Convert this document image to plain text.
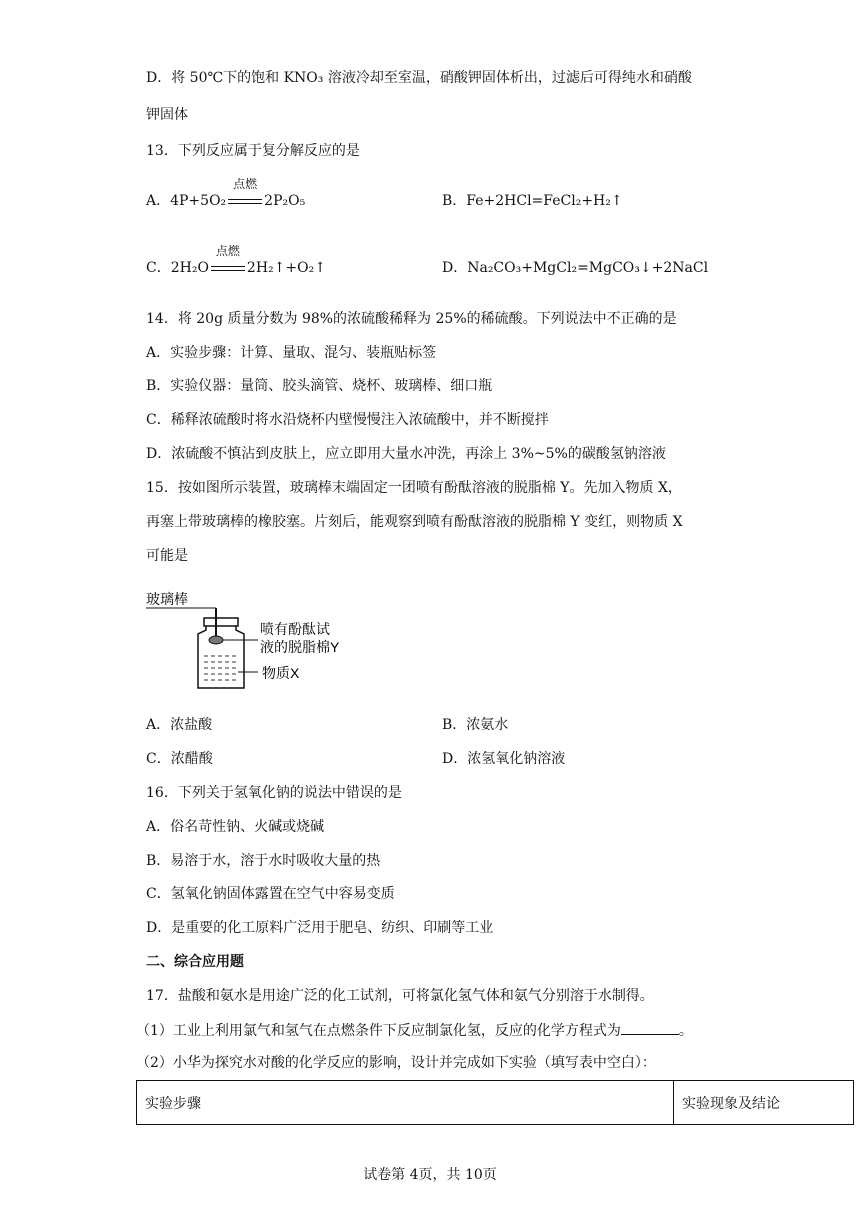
D．将 50℃下的饱和 KNO₃ 溶液冷却至室温，硝酸钾固体析出，过滤后可得纯水和硝酸
钾固体
13．下列反应属于复分解反应的是
A．4P+5O₂
点燃
2P₂O₅	B．Fe+2HCl=FeCl₂+H₂↑
C．2H₂O
点燃
2H₂↑+O₂↑	D．Na₂CO₃+MgCl₂=MgCO₃↓+2NaCl
14．将 20g 质量分数为 98%的浓硫酸稀释为 25%的稀硫酸。下列说法中不正确的是
A．实验步骤：计算、量取、混匀、装瓶贴标签
B．实验仪器：量筒、胶头滴管、烧杯、玻璃棒、细口瓶
C．稀释浓硫酸时将水沿烧杯内壁慢慢注入浓硫酸中，并不断搅拌
D．浓硫酸不慎沾到皮肤上，应立即用大量水冲洗，再涂上 3%~5%的碳酸氢钠溶液
15．按如图所示装置，玻璃棒末端固定一团喷有酚酞溶液的脱脂棉 Y。先加入物质 X，
再塞上带玻璃棒的橡胶塞。片刻后，能观察到喷有酚酞溶液的脱脂棉 Y 变红，则物质 X
可能是
玻璃棒
喷有酚酞试
液的脱脂棉Y
物质X
A．浓盐酸	B．浓氨水
C．浓醋酸	D．浓氢氧化钠溶液
16．下列关于氢氧化钠的说法中错误的是
A．俗名苛性钠、火碱或烧碱
B．易溶于水，溶于水时吸收大量的热
C．氢氧化钠固体露置在空气中容易变质
D．是重要的化工原料广泛用于肥皂、纺织、印刷等工业
二、综合应用题
17．盐酸和氨水是用途广泛的化工试剂，可将氯化氢气体和氨气分别溶于水制得。
（1）工业上利用氯气和氢气在点燃条件下反应制氯化氢，反应的化学方程式为	。
（2）小华为探究水对酸的化学反应的影响，设计并完成如下实验（填写表中空白）：
实验步骤	实验现象及结论
试卷第 4页，共 10页
